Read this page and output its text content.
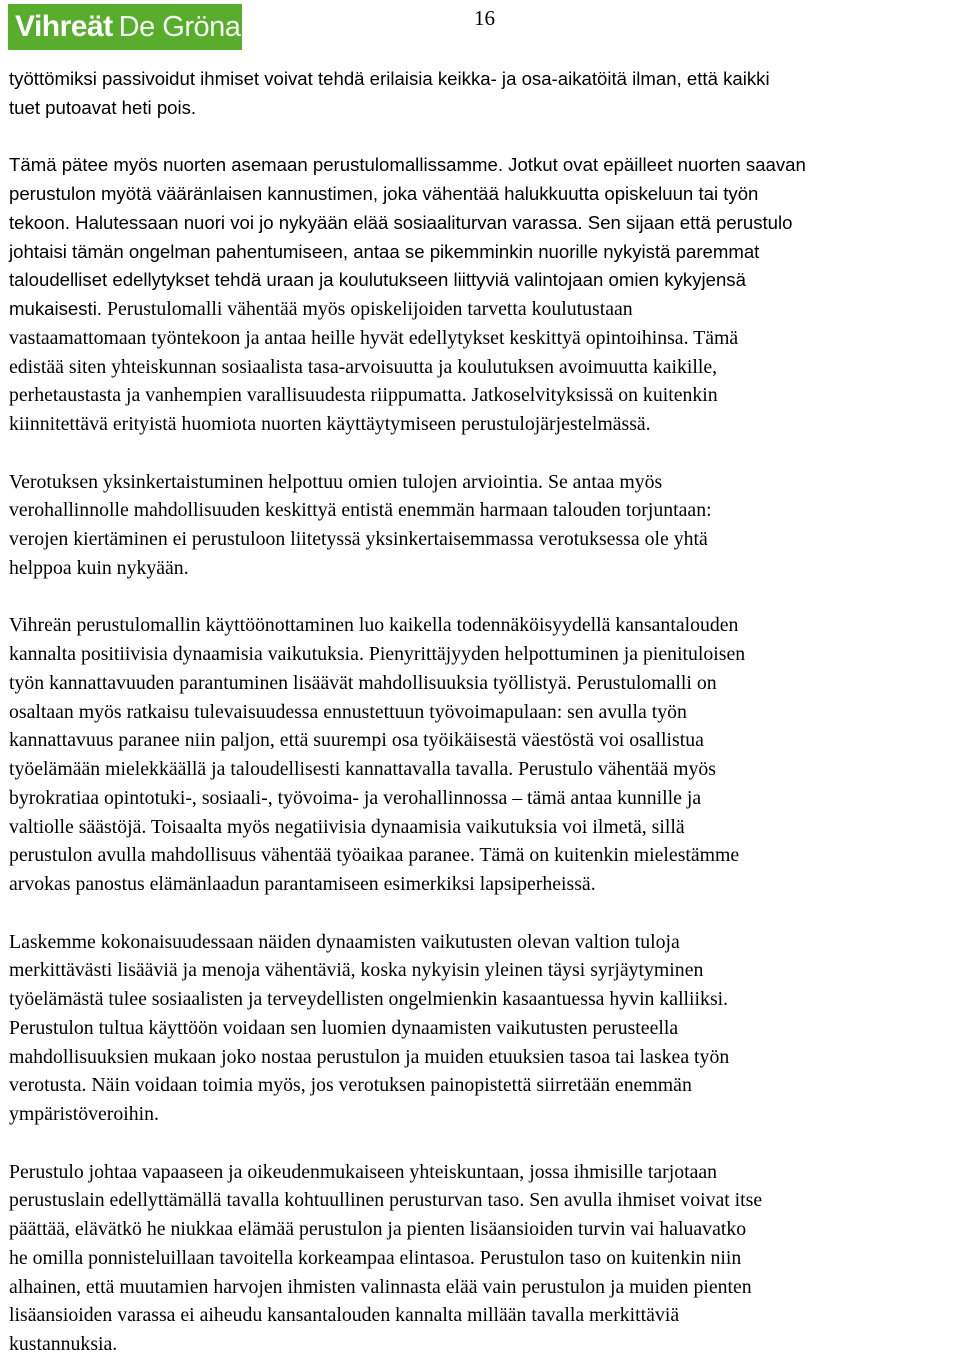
Vihreät De Gröna	16
työttömiksi passivoidut ihmiset voivat tehdä erilaisia keikka- ja osa-aikatöitä ilman, että kaikki
tuet putoavat heti pois.
Tämä pätee myös nuorten asemaan perustulomallissamme. Jotkut ovat epäilleet nuorten saavan
perustulon myötä vääränlaisen kannustimen, joka vähentää halukkuutta opiskeluun tai työn
tekoon. Halutessaan nuori voi jo nykyään elää sosiaaliturvan varassa. Sen sijaan että perustulo
johtaisi tämän ongelman pahentumiseen, antaa se pikemminkin nuorille nykyistä paremmat
taloudelliset edellytykset tehdä uraan ja koulutukseen liittyviä valintojaan omien kykyjensä
mukaisesti. Perustulomalli vähentää myös opiskelijoiden tarvetta koulutustaan
vastaamattomaan työntekoon ja antaa heille hyvät edellytykset keskittyä opintoihinsa. Tämä
edistää siten yhteiskunnan sosiaalista tasa-arvoisuutta ja koulutuksen avoimuutta kaikille,
perhetaustasta ja vanhempien varallisuudesta riippumatta. Jatkoselvityksissä on kuitenkin
kiinnitettävä erityistä huomiota nuorten käyttäytymiseen perustulojärjestelmässä.
Verotuksen yksinkertaistuminen helpottuu omien tulojen arviointia. Se antaa myös
verohallinnolle mahdollisuuden keskittyä entistä enemmän harmaan talouden torjuntaan:
verojen kiertäminen ei perustuloon liitetyssä yksinkertaisemmassa verotuksessa ole yhtä
helppoa kuin nykyään.
Vihreän perustulomallin käyttöönottaminen luo kaikella todennäköisyydellä kansantalouden
kannalta positiivisia dynaamisia vaikutuksia. Pienyrittäjyyden helpottuminen ja pienituloisen
työn kannattavuuden parantuminen lisäävät mahdollisuuksia työllistyä. Perustulomalli on
osaltaan myös ratkaisu tulevaisuudessa ennustettuun työvoimapulaan: sen avulla työn
kannattavuus paranee niin paljon, että suurempi osa työikäisestä väestöstä voi osallistua
työelämään mielekkäällä ja taloudellisesti kannattavalla tavalla. Perustulo vähentää myös
byrokratiaa opintotuki-, sosiaali-, työvoima- ja verohallinnossa – tämä antaa kunnille ja
valtiolle säästöjä. Toisaalta myös negatiivisia dynaamisia vaikutuksia voi ilmetä, sillä
perustulon avulla mahdollisuus vähentää työaikaa paranee. Tämä on kuitenkin mielestämme
arvokas panostus elämänlaadun parantamiseen esimerkiksi lapsiperheissä.
Laskemme kokonaisuudessaan näiden dynaamisten vaikutusten olevan valtion tuloja
merkittävästi lisääviä ja menoja vähentäviä, koska nykyisin yleinen täysi syrjäytyminen
työelämästä tulee sosiaalisten ja terveydellisten ongelmienkin kasaantuessa hyvin kalliiksi.
Perustulon tultua käyttöön voidaan sen luomien dynaamisten vaikutusten perusteella
mahdollisuuksien mukaan joko nostaa perustulon ja muiden etuuksien tasoa tai laskea työn
verotusta. Näin voidaan toimia myös, jos verotuksen painopistettä siirretään enemmän
ympäristöveroihin.
Perustulo johtaa vapaaseen ja oikeudenmukaiseen yhteiskuntaan, jossa ihmisille tarjotaan
perustuslain edellyttämällä tavalla kohtuullinen perusturvan taso. Sen avulla ihmiset voivat itse
päättää, elävätkö he niukkaa elämää perustulon ja pienten lisäansioiden turvin vai haluavatko
he omilla ponnisteluillaan tavoitella korkeampaa elintasoa. Perustulon taso on kuitenkin niin
alhainen, että muutamien harvojen ihmisten valinnasta elää vain perustulon ja muiden pienten
lisäansioiden varassa ei aiheudu kansantalouden kannalta millään tavalla merkittäviä
kustannuksia.
